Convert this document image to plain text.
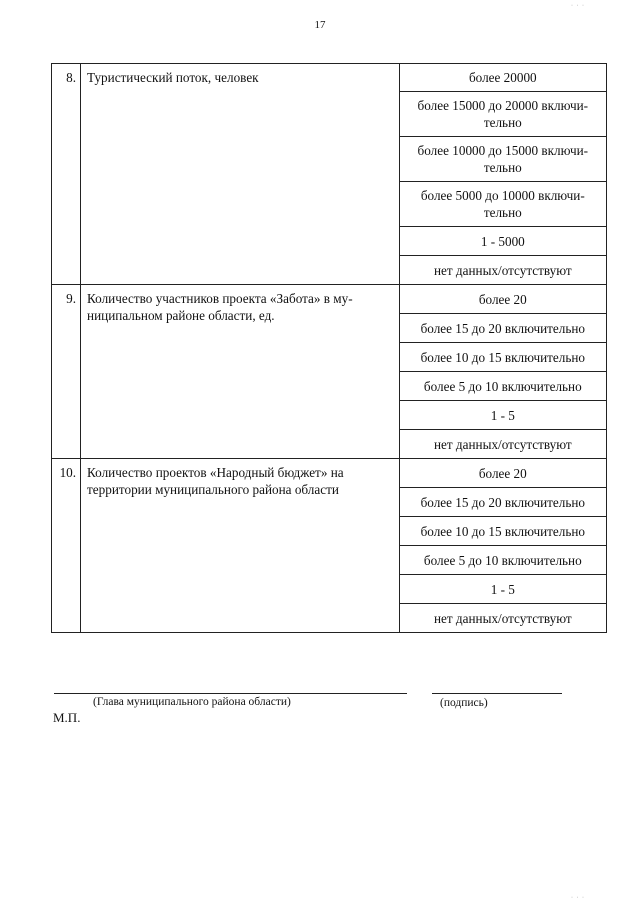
17
· · ·
8.	Туристический поток, человек	более 20000
		более 15000 до 20000 включи-тельно
		более 10000 до 15000 включи-тельно
		более 5000 до 10000 включи-тельно
		1 - 5000
		нет данных/отсутствуют
9.	Количество участников проекта «Забота» в му-ниципальном районе области, ед.	более 20
		более 15 до 20 включительно
		более 10 до 15 включительно
		более 5 до 10 включительно
		1 - 5
		нет данных/отсутствуют
10.	Количество проектов «Народный бюджет» на территории муниципального района области	более 20
		более 15 до 20 включительно
		более 10 до 15 включительно
		более 5 до 10 включительно
		1 - 5
		нет данных/отсутствуют
(Глава муниципального района области)	(подпись)
М.П.
· · ·
